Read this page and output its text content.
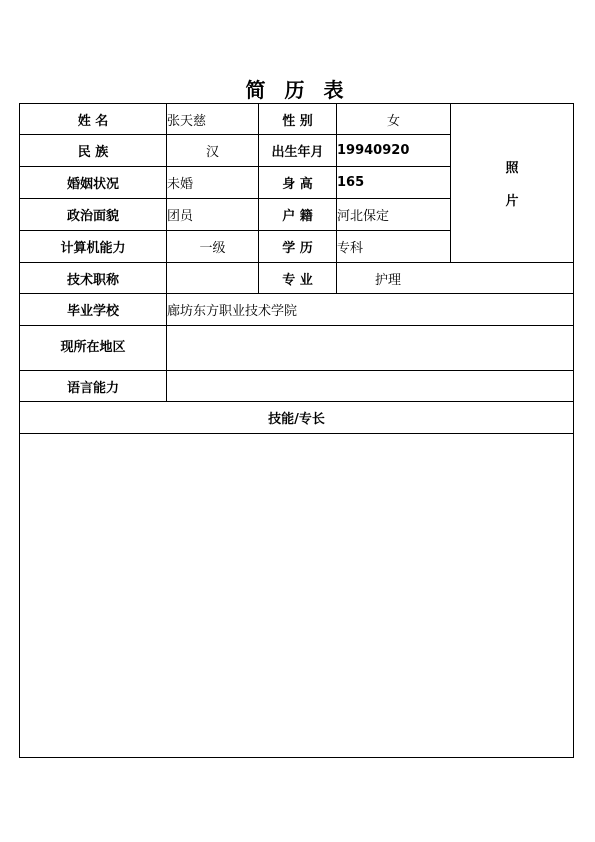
简 历 表
姓 名	张天慈	性 别	女	照
片

民 族	汉	出生年月	19940920	
婚姻状况	未婚	身 高	165	
政治面貌	团员	户 籍	河北保定	
计算机能力	一级	学 历	专科	
技术职称		专 业	护理	
毕业学校	廊坊东方职业技术学院			
现所在地区				
语言能力				
技能/专长				
